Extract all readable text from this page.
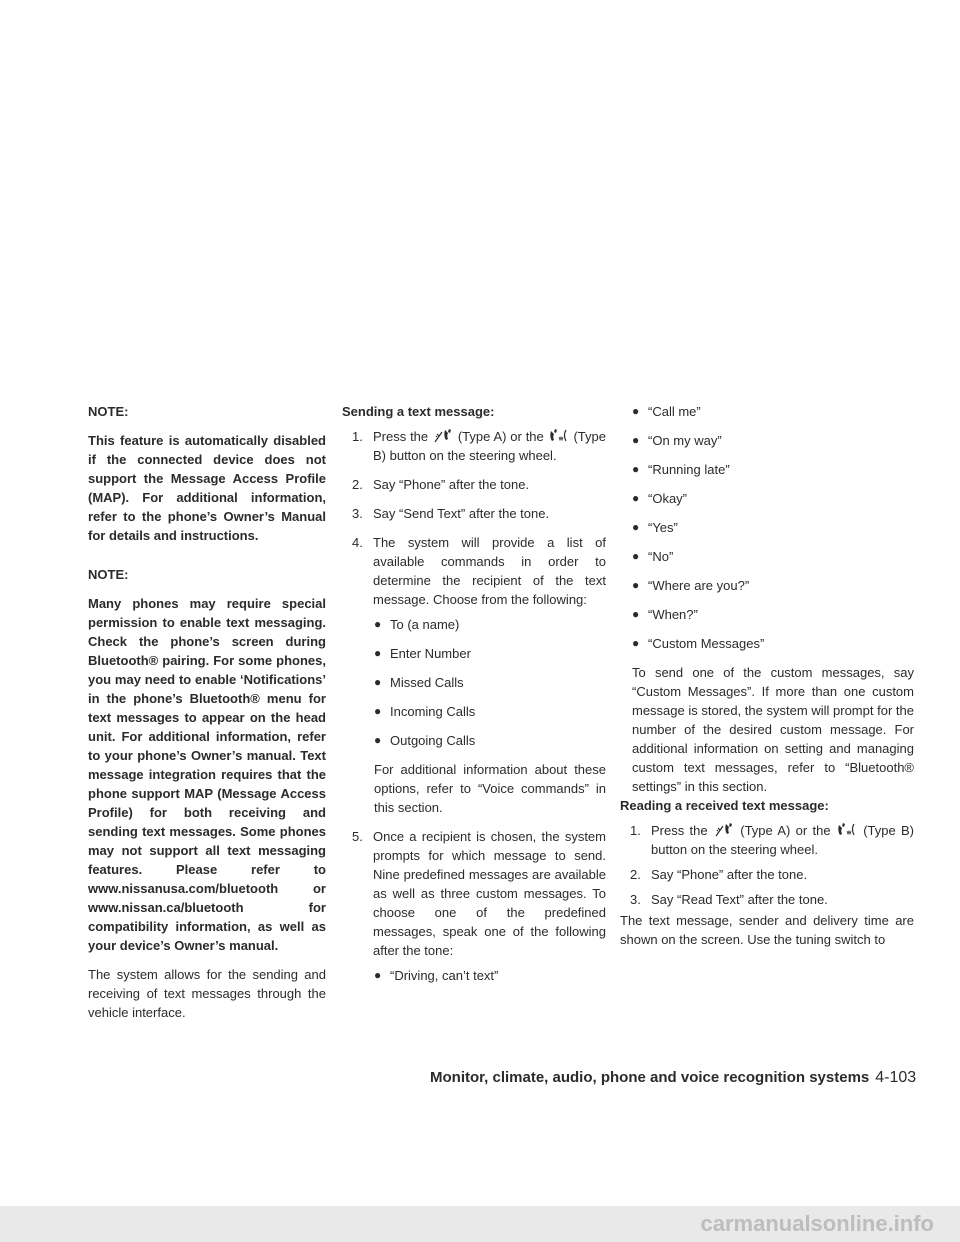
NOTE:

This feature is automatically disabled if the connected device does not support the Message Access Profile (MAP). For additional information, refer to the phone’s Owner’s Manual for details and instructions.

NOTE:

Many phones may require special permission to enable text messaging. Check the phone’s screen during Bluetooth® pairing. For some phones, you may need to enable ‘Notifications’ in the phone’s Bluetooth® menu for text messages to appear on the head unit. For additional information, refer to your phone’s Owner’s manual. Text message integration requires that the phone support MAP (Message Access Profile) for both receiving and sending text messages. Some phones may not support all text messaging features. Please refer to www.nissanusa.com/bluetooth or www.nissan.ca/bluetooth for compatibility information, as well as your device’s Owner’s manual.

The system allows for the sending and receiving of text messages through the vehicle interface.

Sending a text message:

1. Press the (Type A) or the (Type B) button on the steering wheel.
2. Say “Phone” after the tone.
3. Say “Send Text” after the tone.
4. The system will provide a list of available commands in order to determine the recipient of the text message. Choose from the following:
● To (a name)
● Enter Number
● Missed Calls
● Incoming Calls
● Outgoing Calls

For additional information about these options, refer to “Voice commands” in this section.

5. Once a recipient is chosen, the system prompts for which message to send. Nine predefined messages are available as well as three custom messages. To choose one of the predefined messages, speak one of the following after the tone:
● “Driving, can’t text”
● “Call me”
● “On my way”
● “Running late”
● “Okay”
● “Yes”
● “No”
● “Where are you?”
● “When?”
● “Custom Messages”

To send one of the custom messages, say “Custom Messages”. If more than one custom message is stored, the system will prompt for the number of the desired custom message. For additional information on setting and managing custom text messages, refer to “Bluetooth® settings” in this section.

Reading a received text message:

1. Press the	(Type A) or the	(Type B) button on the steering wheel.
2. Say “Phone” after the tone.
3. Say “Read Text” after the tone.

The text message, sender and delivery time are shown on the screen. Use the tuning switch to

Monitor, climate, audio, phone and voice recognition systems 4-103
carmanualsonline.info
